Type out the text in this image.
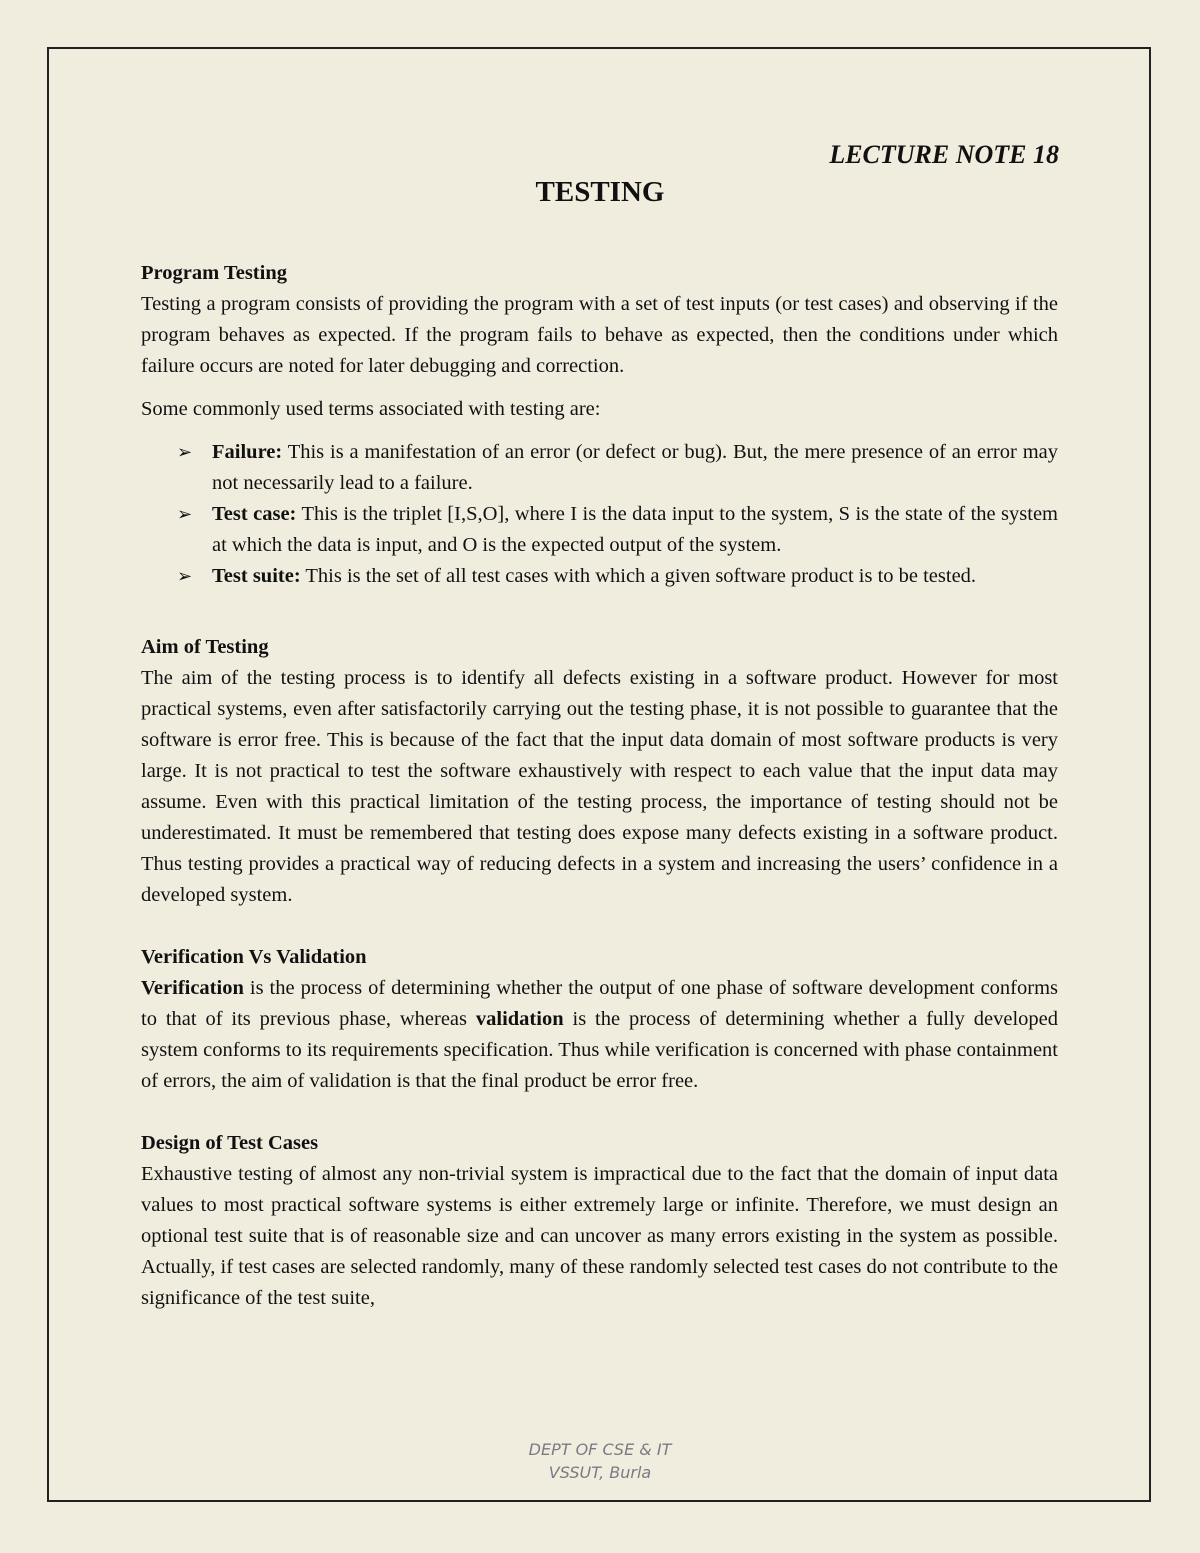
LECTURE NOTE 18
TESTING
Program Testing

Testing a program consists of providing the program with a set of test inputs (or test cases) and observing if the program behaves as expected. If the program fails to behave as expected, then the conditions under which failure occurs are noted for later debugging and correction.

Some commonly used terms associated with testing are:

➢ Failure: This is a manifestation of an error (or defect or bug). But, the mere presence of an error may not necessarily lead to a failure.
➢ Test case: This is the triplet [I,S,O], where I is the data input to the system, S is the state of the system at which the data is input, and O is the expected output of the system.
➢ Test suite: This is the set of all test cases with which a given software product is to be tested.
Aim of Testing

The aim of the testing process is to identify all defects existing in a software product. However for most practical systems, even after satisfactorily carrying out the testing phase, it is not possible to guarantee that the software is error free. This is because of the fact that the input data domain of most software products is very large. It is not practical to test the software exhaustively with respect to each value that the input data may assume. Even with this practical limitation of the testing process, the importance of testing should not be underestimated. It must be remembered that testing does expose many defects existing in a software product. Thus testing provides a practical way of reducing defects in a system and increasing the users’ confidence in a developed system.

Verification Vs Validation

Verification is the process of determining whether the output of one phase of software development conforms to that of its previous phase, whereas validation is the process of determining whether a fully developed system conforms to its requirements specification. Thus while verification is concerned with phase containment of errors, the aim of validation is that the final product be error free.

Design of Test Cases

Exhaustive testing of almost any non-trivial system is impractical due to the fact that the domain of input data values to most practical software systems is either extremely large or infinite. Therefore, we must design an optional test suite that is of reasonable size and can uncover as many errors existing in the system as possible. Actually, if test cases are selected randomly, many of these randomly selected test cases do not contribute to the significance of the test suite,

DEPT OF CSE & IT
VSSUT, Burla
